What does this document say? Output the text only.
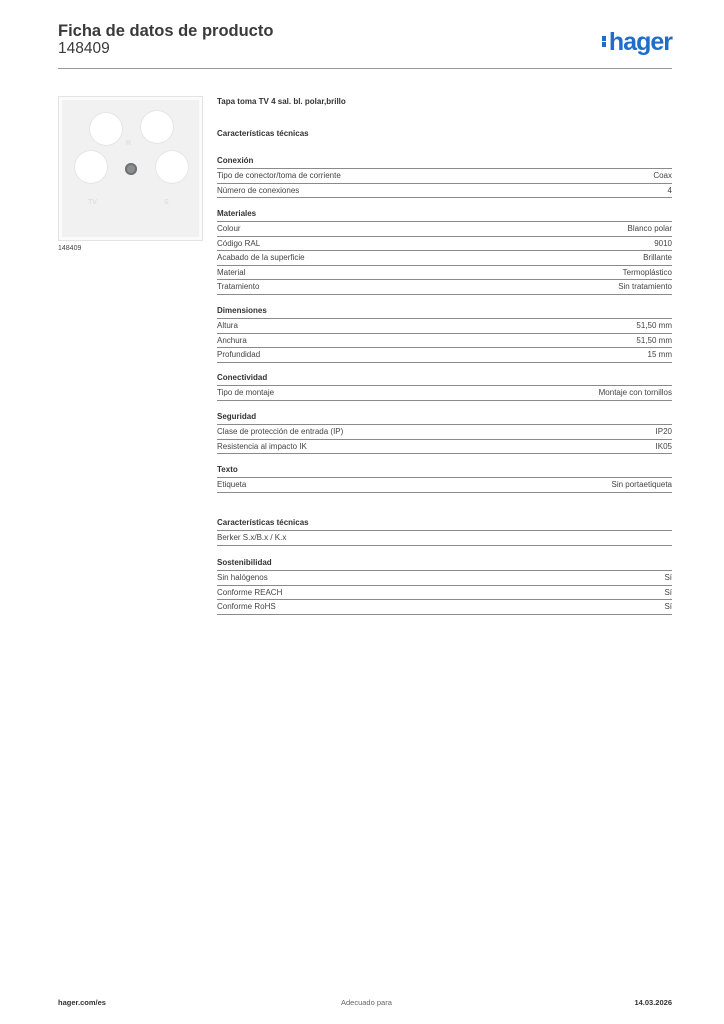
Ficha de datos de producto
148409	hager
TV	S
R
148409
Tapa toma TV 4 sal. bl. polar,brillo
Características técnicas
Conexión
Tipo de conector/toma de corriente	Coax
Número de conexiones	4
Materiales
Colour	Blanco polar
Código RAL	9010
Acabado de la superficie	Brillante
Material	Termoplástico
Tratamiento	Sin tratamiento
Dimensiones
Altura	51,50 mm
Anchura	51,50 mm
Profundidad	15 mm
Conectividad
Tipo de montaje	Montaje con tornillos
Seguridad
Clase de protección de entrada (IP)	IP20
Resistencia al impacto IK	IK05
Texto
Etiqueta	Sin portaetiqueta
Características técnicas
Berker S.x/B.x / K.x
Sostenibilidad
Sin halógenos	Sí
Conforme REACH	Sí
Conforme RoHS	Sí
hager.com/es	Adecuado para	14.03.2026
